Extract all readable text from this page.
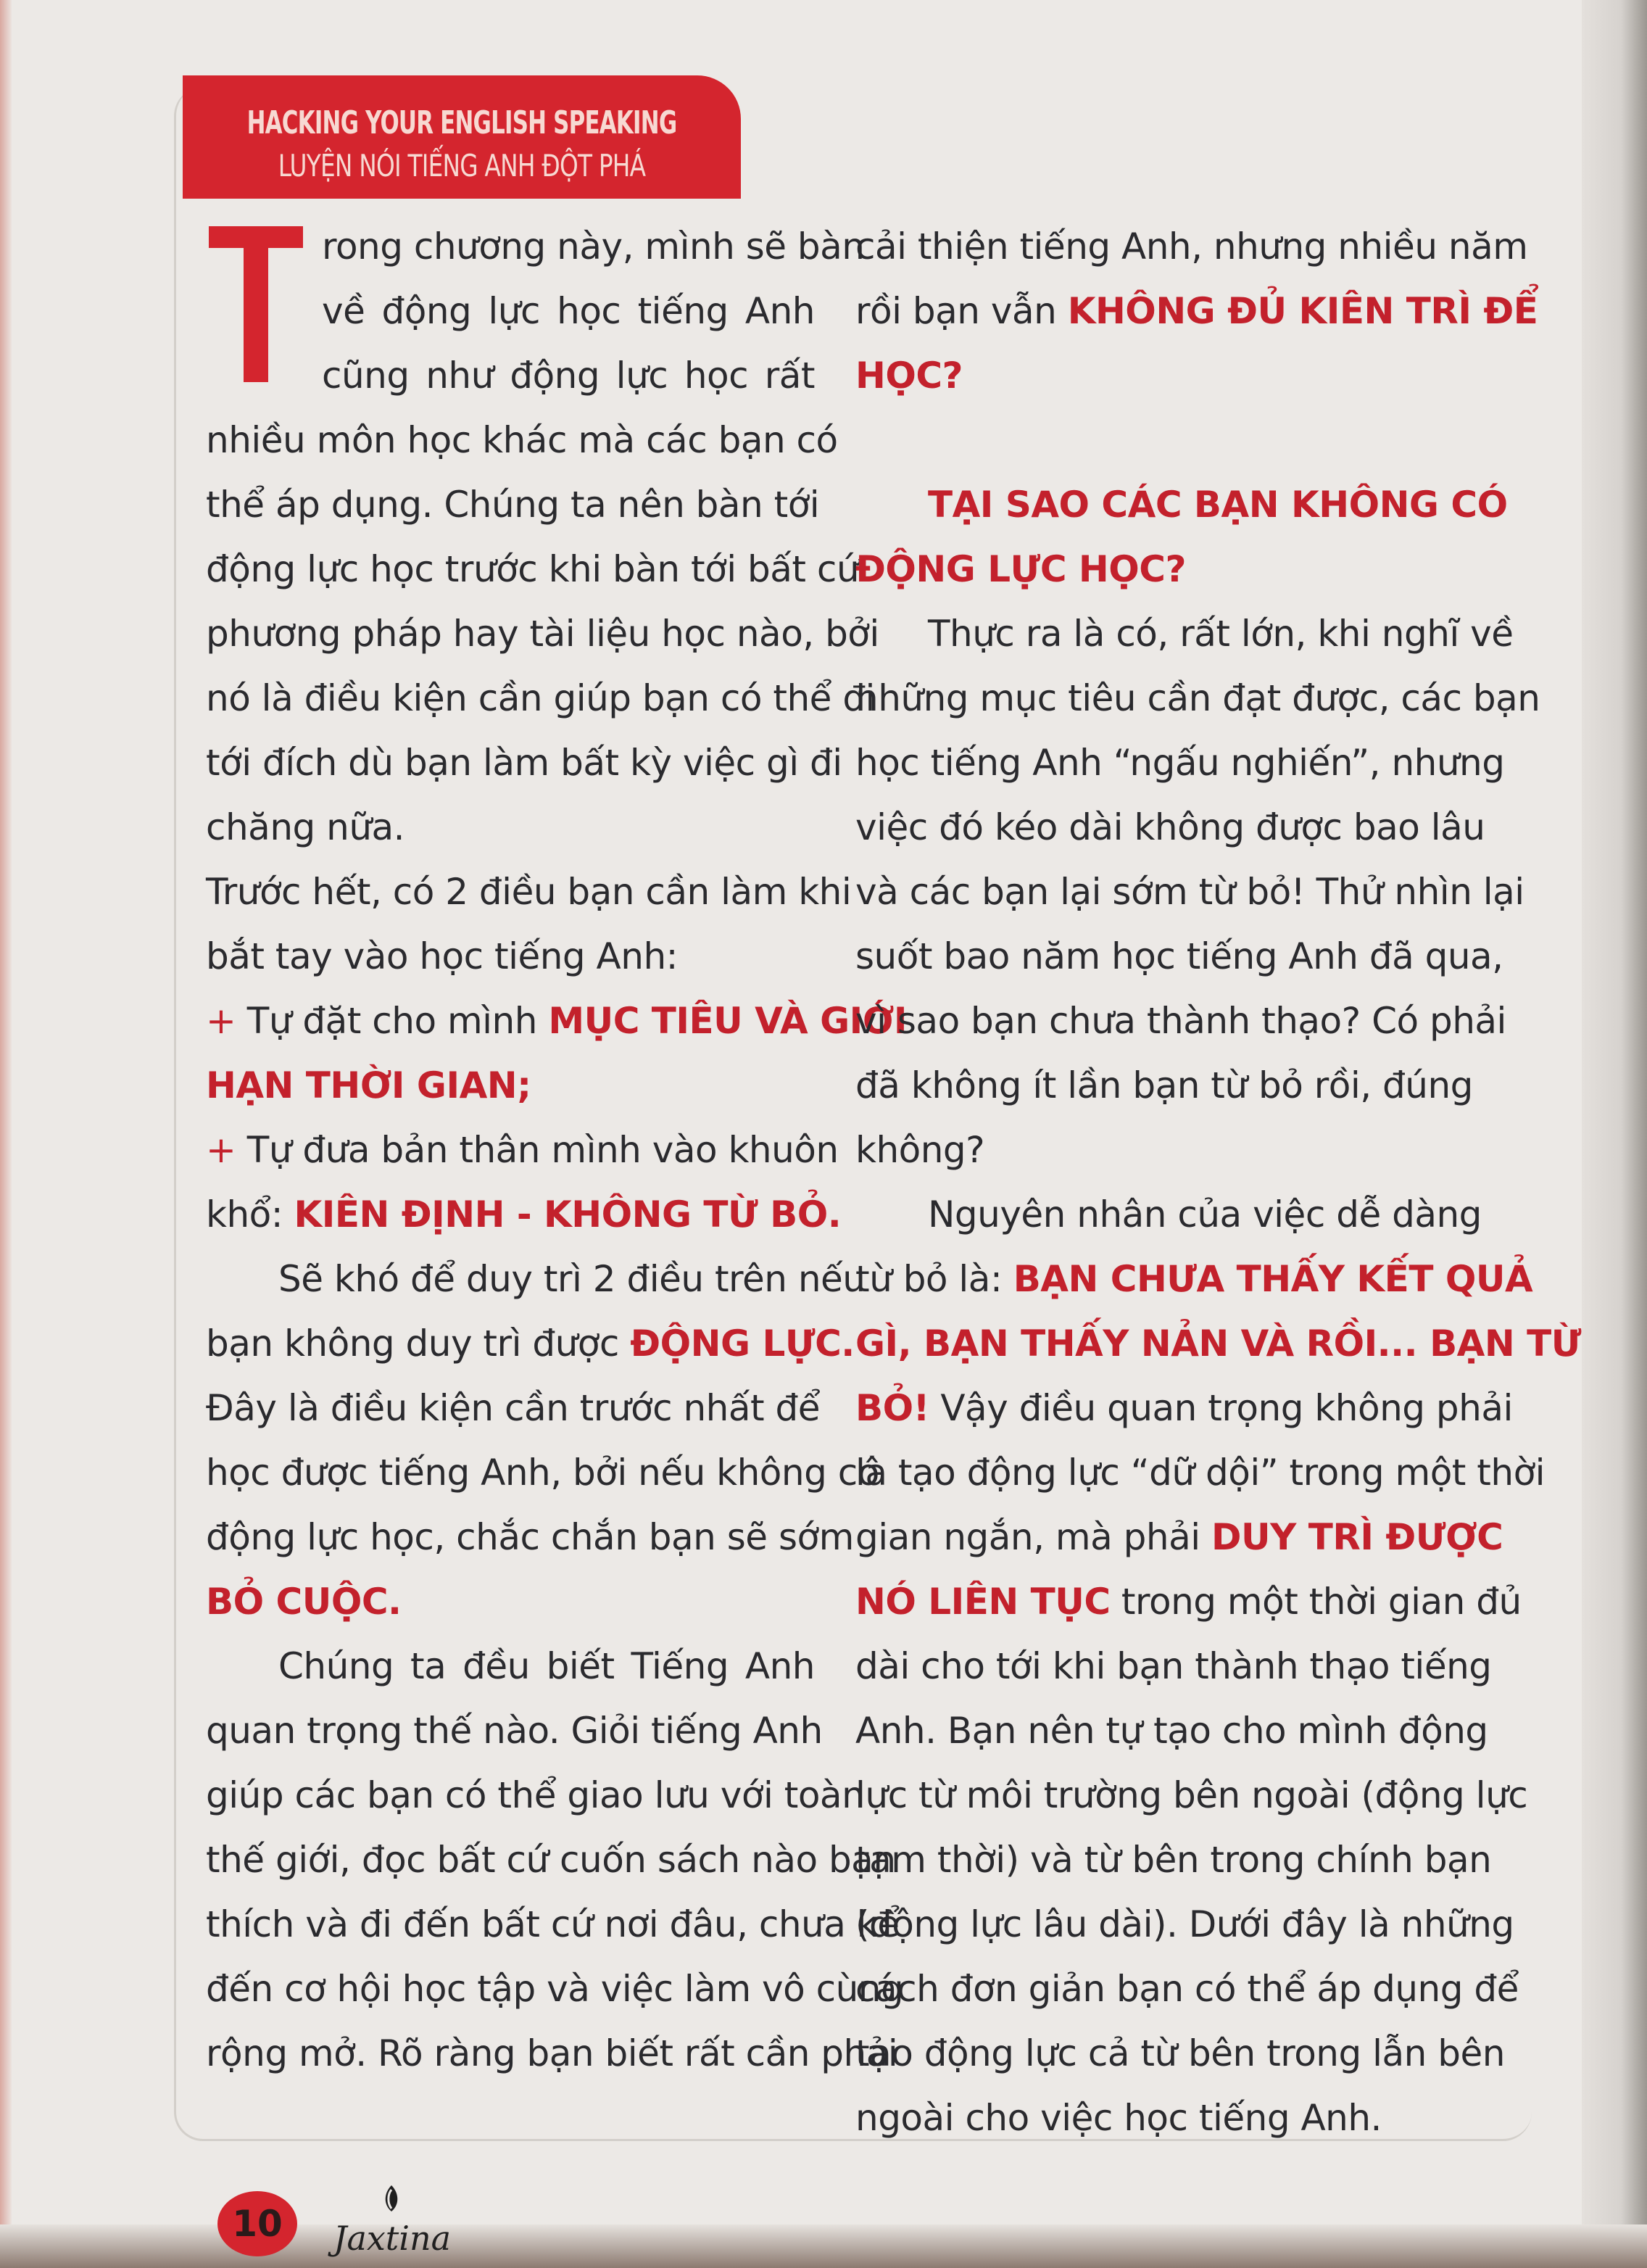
HACKING YOUR ENGLISH SPEAKING
LUYỆN NÓI TIẾNG ANH ĐỘT PHÁ
rong chương này, mình sẽ bàn
về động lực học tiếng Anh
cũng như động lực học rất
nhiều môn học khác mà các bạn có
thể áp dụng. Chúng ta nên bàn tới
động lực học trước khi bàn tới bất cứ
phương pháp hay tài liệu học nào, bởi
nó là điều kiện cần giúp bạn có thể đi
tới đích dù bạn làm bất kỳ việc gì đi
chăng nữa.
Trước hết, có 2 điều bạn cần làm khi
bắt tay vào học tiếng Anh:
+ Tự đặt cho mình MỤC TIÊU VÀ GIỚI
HẠN THỜI GIAN;
+ Tự đưa bản thân mình vào khuôn
khổ: KIÊN ĐỊNH - KHÔNG TỪ BỎ.
Sẽ khó để duy trì 2 điều trên nếu
bạn không duy trì được ĐỘNG LỰC.
Đây là điều kiện cần trước nhất để
học được tiếng Anh, bởi nếu không có
động lực học, chắc chắn bạn sẽ sớm
BỎ CUỘC.
Chúng ta đều biết Tiếng Anh
quan trọng thế nào. Giỏi tiếng Anh
giúp các bạn có thể giao lưu với toàn
thế giới, đọc bất cứ cuốn sách nào bạn
thích và đi đến bất cứ nơi đâu, chưa kể
đến cơ hội học tập và việc làm vô cùng
rộng mở. Rõ ràng bạn biết rất cần phải
cải thiện tiếng Anh, nhưng nhiều năm
rồi bạn vẫn KHÔNG ĐỦ KIÊN TRÌ ĐỂ
HỌC?
TẠI SAO CÁC BẠN KHÔNG CÓ
ĐỘNG LỰC HỌC?
Thực ra là có, rất lớn, khi nghĩ về
những mục tiêu cần đạt được, các bạn
học tiếng Anh “ngấu nghiến”, nhưng
việc đó kéo dài không được bao lâu
và các bạn lại sớm từ bỏ! Thử nhìn lại
suốt bao năm học tiếng Anh đã qua,
vì sao bạn chưa thành thạo? Có phải
đã không ít lần bạn từ bỏ rồi, đúng
không?
Nguyên nhân của việc dễ dàng
từ bỏ là: BẠN CHƯA THẤY KẾT QUẢ
GÌ, BẠN THẤY NẢN VÀ RỒI... BẠN TỪ
BỎ! Vậy điều quan trọng không phải
là tạo động lực “dữ dội” trong một thời
gian ngắn, mà phải DUY TRÌ ĐƯỢC
NÓ LIÊN TỤC trong một thời gian đủ
dài cho tới khi bạn thành thạo tiếng
Anh. Bạn nên tự tạo cho mình động
lực từ môi trường bên ngoài (động lực
tạm thời) và từ bên trong chính bạn
(động lực lâu dài). Dưới đây là những
cách đơn giản bạn có thể áp dụng để
tạo động lực cả từ bên trong lẫn bên
ngoài cho việc học tiếng Anh.
10	Jaxtina
